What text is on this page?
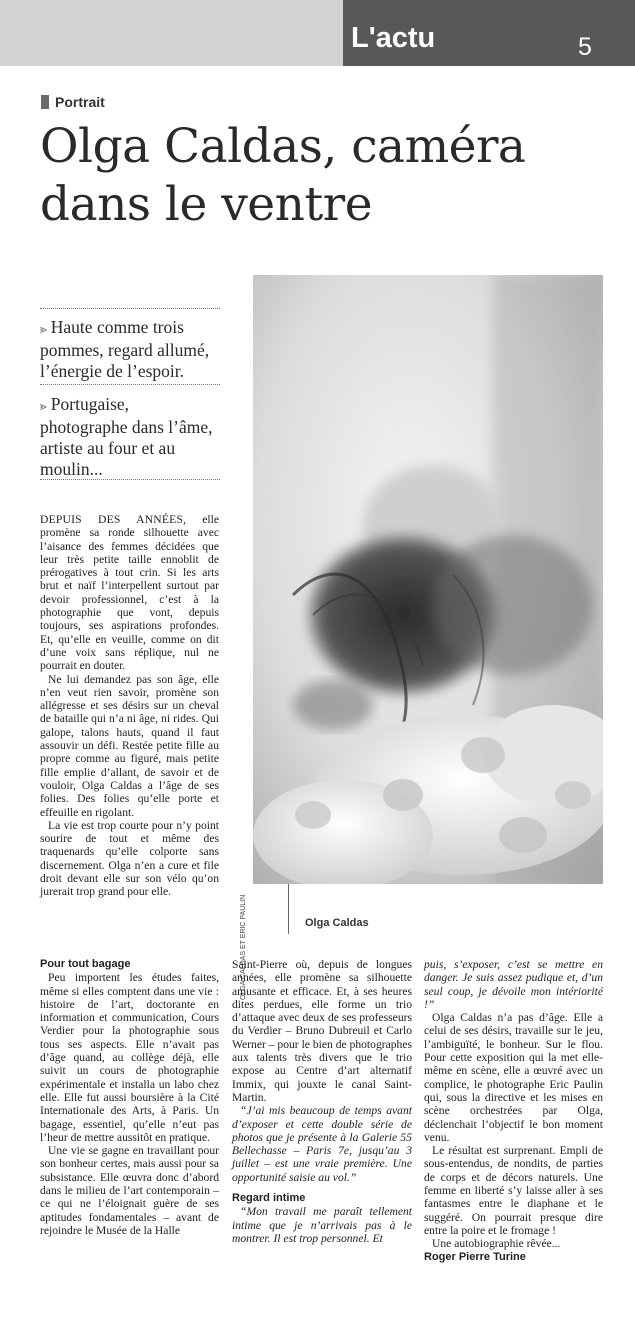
L'actu	5
Portrait
Olga Caldas, caméra dans le ventre
⪢ Haute comme trois pommes, regard allumé, l’énergie de l’espoir.
⪢ Portugaise, photographe dans l’âme, artiste au four et au moulin...

DEPUIS DES ANNÉES, elle promène sa ronde silhouette avec l’aisance des femmes décidées que leur très petite taille ennoblit de prérogatives à tout crin. Si les arts brut et naïf l’interpellent surtout par devoir professionnel, c’est à la photographie que vont, depuis toujours, ses aspirations profondes. Et, qu’elle en veuille, comme on dit d’une voix sans réplique, nul ne pourrait en douter.

Ne lui demandez pas son âge, elle n’en veut rien savoir, promène son allégresse et ses désirs sur un cheval de bataille qui n’a ni âge, ni rides. Qui galope, talons hauts, quand il faut assouvir un défi. Restée petite fille au propre comme au figuré, mais petite fille emplie d’allant, de savoir et de vouloir, Olga Caldas a l’âge de ses folies. Des folies qu’elle porte et effeuille en rigolant.

La vie est trop courte pour n’y point sourire de tout et même des traquenards qu’elle colporte sans discernement. Olga n’en a cure et file droit devant elle sur son vélo qu’on jurerait trop grand pour elle.

OLGA CALDAS ET ERIC PAULIN	Olga Caldas
Pour tout bagage

Peu importent les études faites, même si elles comptent dans une vie : histoire de l’art, doctorante en information et communication, Cours Verdier pour la photographie sous tous ses aspects. Elle n’avait pas d’âge quand, au collège déjà, elle suivit un cours de photographie expérimentale et installa un labo chez elle. Elle fut aussi boursière à la Cité Internationale des Arts, à Paris. Un bagage, essentiel, qu’elle n’eut pas l’heur de mettre aussitôt en pratique.

Une vie se gagne en travaillant pour son bonheur certes, mais aussi pour sa subsistance. Elle œuvra donc d’abord dans le milieu de l’art contemporain – ce qui ne l’éloignait guère de ses aptitudes fondamentales – avant de rejoindre le Musée de la Halle

Saint-Pierre où, depuis de longues années, elle promène sa silhouette amusante et efficace. Et, à ses heures dites perdues, elle forme un trio d’attaque avec deux de ses professeurs du Verdier – Bruno Dubreuil et Carlo Werner – pour le bien de photographes aux talents très divers que le trio expose au Centre d’art alternatif Immix, qui jouxte le canal Saint-Martin.

“J’ai mis beaucoup de temps avant d’exposer et cette double série de photos que je présente à la Galerie 55 Bellechasse – Paris 7e, jusqu’au 3 juillet – est une vraie première. Une opportunité saisie au vol.”

Regard intime

“Mon travail me paraît tellement intime que je n’arrivais pas à le montrer. Il est trop personnel. Et

puis, s’exposer, c’est se mettre en danger. Je suis assez pudique et, d’un seul coup, je dévoile mon intériorité !”

Olga Caldas n’a pas d’âge. Elle a celui de ses désirs, travaille sur le jeu, l’ambiguïté, le bonheur. Sur le flou. Pour cette exposition qui la met elle-même en scène, elle a œuvré avec un complice, le photographe Eric Paulin qui, sous la directive et les mises en scène orchestrées par Olga, déclenchait l’objectif le bon moment venu.

Le résultat est surprenant. Empli de sous-entendus, de nondits, de parties de corps et de décors naturels. Une femme en liberté s’y laisse aller à ses fantasmes entre le diaphane et le suggéré. On pourrait presque dire entre la poire et le fromage !

Une autobiographie rêvée...

Roger Pierre Turine
